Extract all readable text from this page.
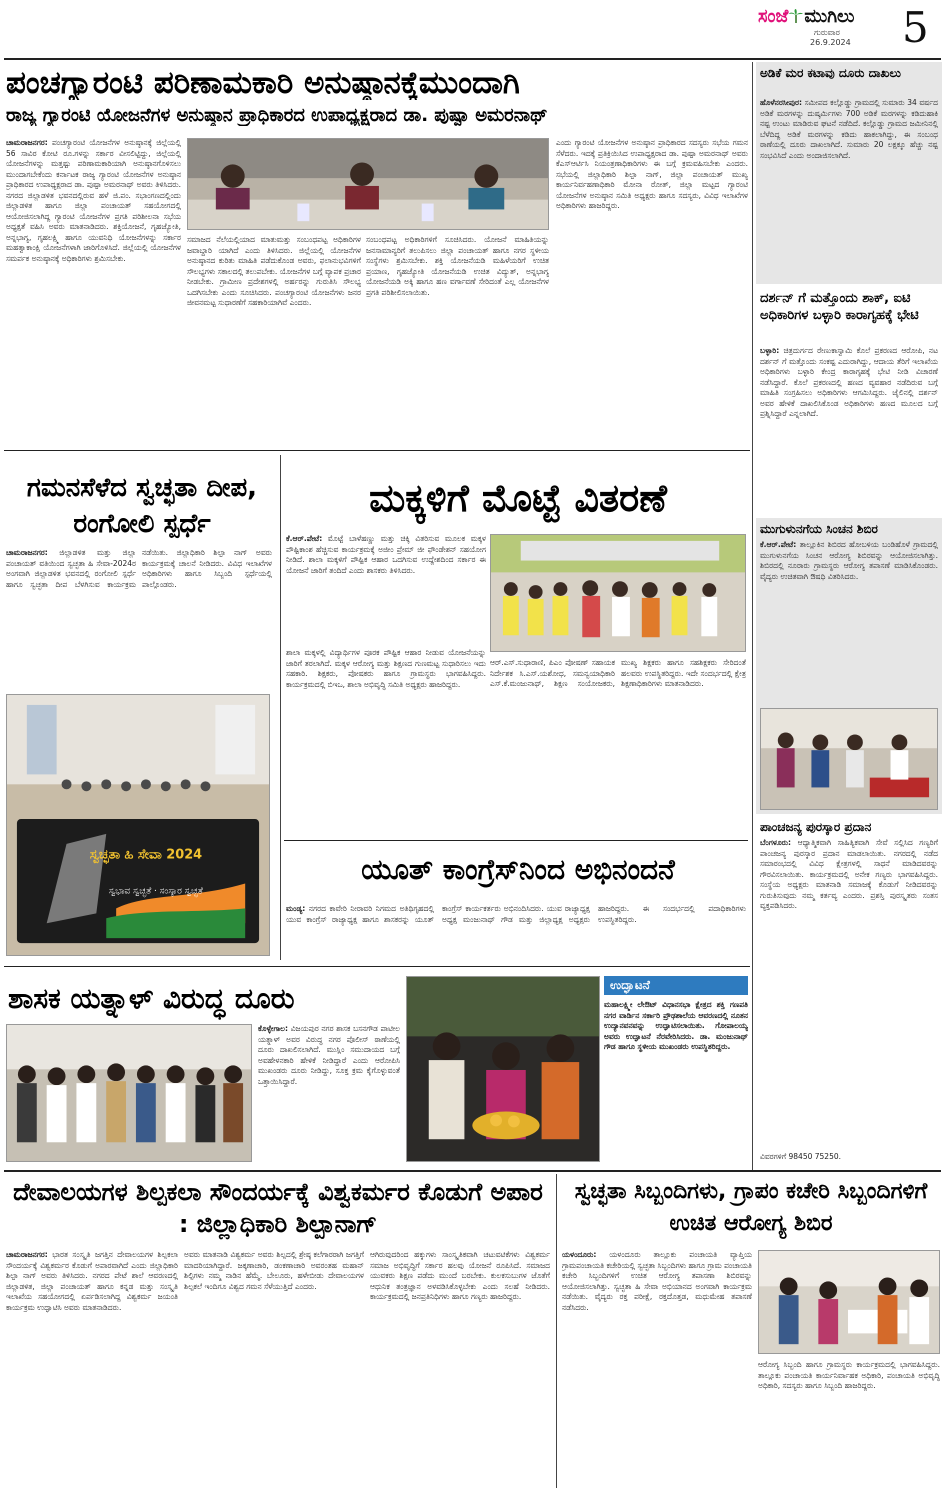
ಸಂಜೆ ಮುಗಿಲು
ಗುರುವಾರ
26.9.2024 5
ಪಂಚಗ್ಯಾರಂಟಿ ಪರಿಣಾಮಕಾರಿ ಅನುಷ್ಠಾನಕ್ಕೆಮುಂದಾಗಿ
ರಾಜ್ಯ ಗ್ಯಾರಂಟಿ ಯೋಜನೆಗಳ ಅನುಷ್ಠಾನ ಪ್ರಾಧಿಕಾರದ ಉಪಾಧ್ಯಕ್ಷರಾದ ಡಾ. ಪುಷ್ಪಾ ಅಮರನಾಥ್
ಚಾಮರಾಜನಗರ: ಪಂಚಗ್ಯಾರಂಟಿ ಯೋಜನೆಗಳ ಅನುಷ್ಠಾನಕ್ಕೆ ಜಿಲ್ಲೆಯಲ್ಲಿ 56 ಸಾವಿರ ಕೋಟಿ ರೂ.ಗಳನ್ನು ಸರ್ಕಾರ ವೀಸಲಿಟ್ಟಿದ್ದು, ಜಿಲ್ಲೆಯಲ್ಲಿ ಯೋಜನೆಗಳನ್ನು ಮತ್ತಷ್ಟು ಪರಿಣಾಮಕಾರಿಯಾಗಿ ಅನುಷ್ಠಾನಗೊಳಿಸಲು ಮುಂದಾಗಬೇಕೆಂದು ಕರ್ನಾಟಕ ರಾಜ್ಯ ಗ್ಯಾರಂಟಿ ಯೋಜನೆಗಳ ಅನುಷ್ಠಾನ ಪ್ರಾಧಿಕಾರದ ಉಪಾಧ್ಯಕ್ಷರಾದ ಡಾ. ಪುಷ್ಪಾ ಅಮರನಾಥ್ ಅವರು ತಿಳಿಸಿದರು. ನಗರದ ಜಿಲ್ಲಾಡಳಿತ ಭವನದಲ್ಲಿರುವ ಹಳೆ ಜಿ.ಪಂ. ಸಭಾಂಗಣದಲ್ಲಿಂದು ಜಿಲ್ಲಾಡಳಿತ ಹಾಗೂ ಜಿಲ್ಲಾ ಪಂಚಾಯತ್ ಸಹಯೋಗದಲ್ಲಿ ಆಯೋಜಿಸಲಾಗಿದ್ದ ಗ್ಯಾರಂಟಿ ಯೋಜನೆಗಳ ಪ್ರಗತಿ ಪರಿಶೀಲನಾ ಸಭೆಯ ಅಧ್ಯಕ್ಷತೆ ವಹಿಸಿ ಅವರು ಮಾತನಾಡಿದರು. ಶಕ್ತಿಯೋಜನೆ, ಗೃಹಜ್ಯೋತಿ, ಅನ್ನಭಾಗ್ಯ, ಗೃಹಲಕ್ಷ್ಮಿ ಹಾಗೂ ಯುವನಿಧಿ ಯೋಜನೆಗಳನ್ನು ಸರ್ಕಾರ ಮಹತ್ವಾಕಾಂಕ್ಷಿ ಯೋಜನೆಗಳಾಗಿ ಜಾರಿಗೊಳಿಸಿದೆ. ಜಿಲ್ಲೆಯಲ್ಲಿ ಯೋಜನೆಗಳ ಸಮರ್ಪಕ ಅನುಷ್ಠಾನಕ್ಕೆ ಅಧಿಕಾರಿಗಳು ಶ್ರಮಿಸಬೇಕು.
ಸಮಾಜದ ನೆಲೆಯಲ್ಲಿಯಾದ ಮಾತುಮತ್ತು ಸಂಬಂಧಪಟ್ಟ ಅಧಿಕಾರಿಗಳ ಜವಾಬ್ದಾರಿ ಯಾಗಿದೆ ಎಂದು ತಿಳಿಸಿದರು. ಜಿಲ್ಲೆಯಲ್ಲಿ ಯೋಜನೆಗಳ ಅನುಷ್ಠಾನದ ಕುರಿತು ಮಾಹಿತಿ ಪಡೆದುಕೊಂಡ ಅವರು, ಫಲಾನುಭವಿಗಳಿಗೆ ಸೌಲಭ್ಯಗಳು ಸಕಾಲದಲ್ಲಿ ತಲುಪಬೇಕು. ಯೋಜನೆಗಳ ಬಗ್ಗೆ ವ್ಯಾಪಕ ಪ್ರಚಾರ ನೀಡಬೇಕು. ಗ್ರಾಮೀಣ ಪ್ರದೇಶಗಳಲ್ಲಿ ಅರ್ಹರನ್ನು ಗುರುತಿಸಿ ಸೌಲಭ್ಯ ಒದಗಿಸಬೇಕು ಎಂದು ಸೂಚಿಸಿದರು. ಪಂಚಗ್ಯಾರಂಟಿ ಯೋಜನೆಗಳು ಜನರ ಜೀವನಮಟ್ಟ ಸುಧಾರಣೆಗೆ ಸಹಕಾರಿಯಾಗಿವೆ ಎಂದರು.
ಸಂಬಂಧಪಟ್ಟ ಅಧಿಕಾರಿಗಳಿಗೆ ಸೂಚಿಸಿದರು. ಯೋಜನೆ ಮಾಹಿತಿಯನ್ನು ಜನಸಾಮಾನ್ಯರಿಗೆ ತಲುಪಿಸಲು ಜಿಲ್ಲಾ ಪಂಚಾಯತ್ ಹಾಗೂ ನಗರ ಸ್ಥಳೀಯ ಸಂಸ್ಥೆಗಳು ಶ್ರಮಿಸಬೇಕು. ಶಕ್ತಿ ಯೋಜನೆಯಡಿ ಮಹಿಳೆಯರಿಗೆ ಉಚಿತ ಪ್ರಯಾಣ, ಗೃಹಜ್ಯೋತಿ ಯೋಜನೆಯಡಿ ಉಚಿತ ವಿದ್ಯುತ್, ಅನ್ನಭಾಗ್ಯ ಯೋಜನೆಯಡಿ ಅಕ್ಕಿ ಹಾಗೂ ಹಣ ವರ್ಗಾವಣೆ ಸೇರಿದಂತೆ ಎಲ್ಲ ಯೋಜನೆಗಳ ಪ್ರಗತಿ ಪರಿಶೀಲಿಸಲಾಯಿತು.
ಎಂದು ಗ್ಯಾರಂಟಿ ಯೋಜನೆಗಳ ಅನುಷ್ಠಾನ ಪ್ರಾಧಿಕಾರದ ಸದಸ್ಯರು ಸಭೆಯ ಗಮನ ಸೆಳೆದರು. ಇದಕ್ಕೆ ಪ್ರತಿಕ್ರಿಯಿಸಿದ ಉಪಾಧ್ಯಕ್ಷರಾದ ಡಾ. ಪುಷ್ಪಾ ಅಮರನಾಥ್ ಅವರು ಕೆಎಸ್ಆರ್ಟಿಸಿ ನಿಯಂತ್ರಣಾಧಿಕಾರಿಗಳು ಈ ಬಗ್ಗೆ ಕ್ರಮವಹಿಸಬೇಕು ಎಂದರು. ಸಭೆಯಲ್ಲಿ ಜಿಲ್ಲಾಧಿಕಾರಿ ಶಿಲ್ಪಾ ನಾಗ್, ಜಿಲ್ಲಾ ಪಂಚಾಯತ್ ಮುಖ್ಯ ಕಾರ್ಯನಿರ್ವಹಣಾಧಿಕಾರಿ ಮೋನಾ ರೋತ್, ಜಿಲ್ಲಾ ಮಟ್ಟದ ಗ್ಯಾರಂಟಿ ಯೋಜನೆಗಳ ಅನುಷ್ಠಾನ ಸಮಿತಿ ಅಧ್ಯಕ್ಷರು ಹಾಗೂ ಸದಸ್ಯರು, ವಿವಿಧ ಇಲಾಖೆಗಳ ಅಧಿಕಾರಿಗಳು ಹಾಜರಿದ್ದರು.
ಅಡಿಕೆ ಮರ ಕಟಾವು ದೂರು ದಾಖಲು
ಹೊಳೆನರಸೀಪುರ: ಸಮೀಪದ ಕಲ್ಲೊಡ್ಡು ಗ್ರಾಮದಲ್ಲಿ ಸುಮಾರು 34 ವರ್ಷದ ಅಡಿಕೆ ಮರಗಳನ್ನು ದುಷ್ಕರ್ಮಿಗಳು 700 ಅಡಿಕೆ ಮರಗಳನ್ನು ಕಡಿದುಹಾಕಿ ನಷ್ಟ ಉಂಟು ಮಾಡಿರುವ ಘಟನೆ ನಡೆದಿದೆ. ಕಲ್ಲೊಡ್ಡು ಗ್ರಾಮದ ಜಮೀನಿನಲ್ಲಿ ಬೆಳೆದಿದ್ದ ಅಡಿಕೆ ಮರಗಳನ್ನು ಕಡಿದು ಹಾಕಲಾಗಿದ್ದು, ಈ ಸಂಬಂಧ ಠಾಣೆಯಲ್ಲಿ ದೂರು ದಾಖಲಾಗಿದೆ. ಸುಮಾರು 20 ಲಕ್ಷಕ್ಕೂ ಹೆಚ್ಚು ನಷ್ಟ ಸಂಭವಿಸಿದೆ ಎಂದು ಅಂದಾಜಿಸಲಾಗಿದೆ.
ದರ್ಶನ್ ಗೆ ಮತ್ತೊಂದು ಶಾಕ್, ಐಟಿ ಅಧಿಕಾರಿಗಳ ಬಳ್ಳಾರಿ ಕಾರಾಗೃಹಕ್ಕೆ ಭೇಟಿ
ಬಳ್ಳಾರಿ: ಚಿತ್ರದುರ್ಗದ ರೇಣುಕಾಸ್ವಾಮಿ ಕೊಲೆ ಪ್ರಕರಣದ ಆರೋಪಿ, ನಟ ದರ್ಶನ್ ಗೆ ಮತ್ತೊಂದು ಸಂಕಷ್ಟ ಎದುರಾಗಿದ್ದು, ಆದಾಯ ತೆರಿಗೆ ಇಲಾಖೆಯ ಅಧಿಕಾರಿಗಳು ಬಳ್ಳಾರಿ ಕೇಂದ್ರ ಕಾರಾಗೃಹಕ್ಕೆ ಭೇಟಿ ನೀಡಿ ವಿಚಾರಣೆ ನಡೆಸಿದ್ದಾರೆ. ಕೊಲೆ ಪ್ರಕರಣದಲ್ಲಿ ಹಣದ ವ್ಯವಹಾರ ನಡೆದಿರುವ ಬಗ್ಗೆ ಮಾಹಿತಿ ಸಂಗ್ರಹಿಸಲು ಅಧಿಕಾರಿಗಳು ಆಗಮಿಸಿದ್ದರು. ಜೈಲಿನಲ್ಲಿ ದರ್ಶನ್ ಅವರ ಹೇಳಿಕೆ ದಾಖಲಿಸಿಕೊಂಡ ಅಧಿಕಾರಿಗಳು ಹಣದ ಮೂಲದ ಬಗ್ಗೆ ಪ್ರಶ್ನಿಸಿದ್ದಾರೆ ಎನ್ನಲಾಗಿದೆ.
ಮುಗುಳುನಗೆಯ ಸಿಂಚನ ಶಿಬಿರ
ಕೆ.ಆರ್.ಪೇಟೆ: ತಾಲ್ಲೂಕಿನ ಶಿಬಿರದ ಹೋಬಳಿಯ ಬಂಡಿಹೊಳೆ ಗ್ರಾಮದಲ್ಲಿ ಮುಗುಳುನಗೆಯ ಸಿಂಚನ ಆರೋಗ್ಯ ಶಿಬಿರವನ್ನು ಆಯೋಜಿಸಲಾಗಿತ್ತು. ಶಿಬಿರದಲ್ಲಿ ನೂರಾರು ಗ್ರಾಮಸ್ಥರು ಆರೋಗ್ಯ ತಪಾಸಣೆ ಮಾಡಿಸಿಕೊಂಡರು. ವೈದ್ಯರು ಉಚಿತವಾಗಿ ಔಷಧಿ ವಿತರಿಸಿದರು.
ಪಾಂಚಜನ್ಯ ಪುರಸ್ಕಾರ ಪ್ರದಾನ
ಬೆಂಗಳೂರು: ಆಧ್ಯಾತ್ಮಿಕವಾಗಿ ಸಾಹಿತ್ಯಿಕವಾಗಿ ಸೇವೆ ಸಲ್ಲಿಸಿದ ಗಣ್ಯರಿಗೆ ಪಾಂಚಜನ್ಯ ಪುರಸ್ಕಾರ ಪ್ರದಾನ ಮಾಡಲಾಯಿತು. ನಗರದಲ್ಲಿ ನಡೆದ ಸಮಾರಂಭದಲ್ಲಿ ವಿವಿಧ ಕ್ಷೇತ್ರಗಳಲ್ಲಿ ಸಾಧನೆ ಮಾಡಿದವರನ್ನು ಗೌರವಿಸಲಾಯಿತು. ಕಾರ್ಯಕ್ರಮದಲ್ಲಿ ಅನೇಕ ಗಣ್ಯರು ಭಾಗವಹಿಸಿದ್ದರು. ಸಂಸ್ಥೆಯ ಅಧ್ಯಕ್ಷರು ಮಾತನಾಡಿ ಸಮಾಜಕ್ಕೆ ಕೊಡುಗೆ ನೀಡಿದವರನ್ನು ಗುರುತಿಸುವುದು ನಮ್ಮ ಕರ್ತವ್ಯ ಎಂದರು. ಪ್ರಶಸ್ತಿ ಪುರಸ್ಕೃತರು ಸಂತಸ ವ್ಯಕ್ತಪಡಿಸಿದರು.
ವಿವರಗಳಿಗೆ 98450 75250.
ಗಮನಸೆಳೆದ ಸ್ವಚ್ಛತಾ ದೀಪ, ರಂಗೋಲಿ ಸ್ಪರ್ಧೆ
ಚಾಮರಾಜನಗರ: ಜಿಲ್ಲಾಡಳಿತ ಮತ್ತು ಜಿಲ್ಲಾ ಪಂಚಾಯತ್ ವತಿಯಿಂದ ಸ್ವಚ್ಛತಾ ಹಿ ಸೇವಾ-2024ರ ಅಂಗವಾಗಿ ಜಿಲ್ಲಾಡಳಿತ ಭವನದಲ್ಲಿ ರಂಗೋಲಿ ಸ್ಪರ್ಧೆ ಹಾಗೂ ಸ್ವಚ್ಛತಾ ದೀಪ ಬೆಳಗಿಸುವ ಕಾರ್ಯಕ್ರಮ ನಡೆಯಿತು. ಜಿಲ್ಲಾಧಿಕಾರಿ ಶಿಲ್ಪಾ ನಾಗ್ ಅವರು ಕಾರ್ಯಕ್ರಮಕ್ಕೆ ಚಾಲನೆ ನೀಡಿದರು. ವಿವಿಧ ಇಲಾಖೆಗಳ ಅಧಿಕಾರಿಗಳು ಹಾಗೂ ಸಿಬ್ಬಂದಿ ಸ್ಪರ್ಧೆಯಲ್ಲಿ ಪಾಲ್ಗೊಂಡರು.
ಸ್ವಚ್ಛತಾ ಹಿ ಸೇವಾ 2024
ಸ್ವಭಾವ ಸ್ವಚ್ಛತೆ · ಸಂಸ್ಕಾರ ಸ್ವಚ್ಛತೆ
ಮಕ್ಕಳಿಗೆ ಮೊಟ್ಟೆ ವಿತರಣೆ
ಕೆ.ಆರ್.ಪೇಟೆ: ಮೊಟ್ಟೆ ಬಾಳೆಹಣ್ಣು ಮತ್ತು ಚಿಕ್ಕಿ ವಿತರಿಸುವ ಮೂಲಕ ಮಕ್ಕಳ ಪೌಷ್ಟಿಕಾಂಶ ಹೆಚ್ಚಿಸುವ ಕಾರ್ಯಕ್ರಮಕ್ಕೆ ಅಜೀಂ ಪ್ರೇಮ್ ಜೀ ಫೌಂಡೇಶನ್ ಸಹಯೋಗ ನೀಡಿದೆ. ಶಾಲಾ ಮಕ್ಕಳಿಗೆ ಪೌಷ್ಟಿಕ ಆಹಾರ ಒದಗಿಸುವ ಉದ್ದೇಶದಿಂದ ಸರ್ಕಾರ ಈ ಯೋಜನೆ ಜಾರಿಗೆ ತಂದಿದೆ ಎಂದು ಶಾಸಕರು ತಿಳಿಸಿದರು.
ಶಾಲಾ ಮಕ್ಕಳಲ್ಲಿ ವಿದ್ಯಾರ್ಥಿಗಳ ಪೂರಕ ಪೌಷ್ಟಿಕ ಆಹಾರ ನೀಡುವ ಯೋಜನೆಯನ್ನು ಜಾರಿಗೆ ತರಲಾಗಿದೆ. ಮಕ್ಕಳ ಆರೋಗ್ಯ ಮತ್ತು ಶಿಕ್ಷಣದ ಗುಣಮಟ್ಟ ಸುಧಾರಿಸಲು ಇದು ಸಹಕಾರಿ. ಶಿಕ್ಷಕರು, ಪೋಷಕರು ಹಾಗೂ ಗ್ರಾಮಸ್ಥರು ಭಾಗವಹಿಸಿದ್ದರು. ಕಾರ್ಯಕ್ರಮದಲ್ಲಿ ಬಿಇಒ, ಶಾಲಾ ಅಭಿವೃದ್ಧಿ ಸಮಿತಿ ಅಧ್ಯಕ್ಷರು ಹಾಜರಿದ್ದರು.
ಆರ್.ಎಸ್.ಸುಧಾರಾಣಿ, ಪಿಎಂ ಪೋಷಣ್ ಸಹಾಯಕ ನಿರ್ದೇಶಕ ಸಿ.ಎಸ್.ಯಶೋಧ, ಸಮನ್ವಯಾಧಿಕಾರಿ ಎಸ್.ಕೆ.ಮಂಜುನಾಥ್, ಶಿಕ್ಷಣ ಸಂಯೋಜಕರು, ಮುಖ್ಯ ಶಿಕ್ಷಕರು ಹಾಗೂ ಸಹಶಿಕ್ಷಕರು ಸೇರಿದಂತೆ ಹಲವರು ಉಪಸ್ಥಿತರಿದ್ದರು. ಇದೇ ಸಂದರ್ಭದಲ್ಲಿ ಕ್ಷೇತ್ರ ಶಿಕ್ಷಣಾಧಿಕಾರಿಗಳು ಮಾತನಾಡಿದರು.
ಯೂತ್ ಕಾಂಗ್ರೆಸ್‌ನಿಂದ ಅಭಿನಂದನೆ
ಮಂಡ್ಯ: ನಗರದ ಕಾವೇರಿ ನೀರಾವರಿ ನಿಗಮದ ಅತಿಥಿಗೃಹದಲ್ಲಿ ಯುವ ಕಾಂಗ್ರೆಸ್ ರಾಜ್ಯಾಧ್ಯಕ್ಷ ಹಾಗೂ ಶಾಸಕರನ್ನು ಯೂತ್ ಕಾಂಗ್ರೆಸ್ ಕಾರ್ಯಕರ್ತರು ಅಭಿನಂದಿಸಿದರು. ಯುವ ರಾಜ್ಯಾಧ್ಯಕ್ಷ ಅಧ್ಯಕ್ಷ ಮಂಜುನಾಥ್ ಗೌಡ ಮತ್ತು ಜಿಲ್ಲಾಧ್ಯಕ್ಷ ಅಧ್ಯಕ್ಷರು ಹಾಜರಿದ್ದರು. ಈ ಸಂದರ್ಭದಲ್ಲಿ ಪದಾಧಿಕಾರಿಗಳು ಉಪಸ್ಥಿತರಿದ್ದರು.
ಶಾಸಕ ಯತ್ನಾಳ್ ವಿರುದ್ಧ ದೂರು
ಕೊಳ್ಳೇಗಾಲ: ವಿಜಯಪುರ ನಗರ ಶಾಸಕ ಬಸನಗೌಡ ಪಾಟೀಲ ಯತ್ನಾಳ್ ಅವರ ವಿರುದ್ಧ ನಗರ ಪೊಲೀಸ್ ಠಾಣೆಯಲ್ಲಿ ದೂರು ದಾಖಲಿಸಲಾಗಿದೆ. ಮುಸ್ಲಿಂ ಸಮುದಾಯದ ಬಗ್ಗೆ ಅವಹೇಳನಕಾರಿ ಹೇಳಿಕೆ ನೀಡಿದ್ದಾರೆ ಎಂದು ಆರೋಪಿಸಿ ಮುಖಂಡರು ದೂರು ನೀಡಿದ್ದು, ಸೂಕ್ತ ಕ್ರಮ ಕೈಗೊಳ್ಳುವಂತೆ ಒತ್ತಾಯಿಸಿದ್ದಾರೆ.
ಉದ್ಘಾಟನೆ
ಮಹಾಲಕ್ಷ್ಮೀ ಲೇಔಟ್ ವಿಧಾನಸಭಾ ಕ್ಷೇತ್ರದ ಶಕ್ತಿ ಗಣಪತಿ ನಗರ ವಾರ್ಡಿನ ಸರ್ಕಾರಿ ಪ್ರೌಢಶಾಲೆಯ ಆವರಣದಲ್ಲಿ ನೂತನ ಉದ್ಯಾನವನವನ್ನು ಉದ್ಘಾಟಿಸಲಾಯಿತು. ಗೋಪಾಲಯ್ಯ ಅವರು ಉದ್ಘಾಟನೆ ನೆರವೇರಿಸಿದರು. ಡಾ. ಮಂಜುನಾಥ್ ಗೌಡ ಹಾಗೂ ಸ್ಥಳೀಯ ಮುಖಂಡರು ಉಪಸ್ಥಿತರಿದ್ದರು.
ದೇವಾಲಯಗಳ ಶಿಲ್ಪಕಲಾ ಸೌಂದರ್ಯಕ್ಕೆ ವಿಶ್ವಕರ್ಮರ ಕೊಡುಗೆ ಅಪಾರ : ಜಿಲ್ಲಾಧಿಕಾರಿ ಶಿಲ್ಪಾನಾಗ್
ಚಾಮರಾಜನಗರ: ಭಾರತ ಸಂಸ್ಕೃತಿ ಜಗತ್ತಿನ ದೇವಾಲಯಗಳ ಶಿಲ್ಪಕಲಾ ಸೌಂದರ್ಯಕ್ಕೆ ವಿಶ್ವಕರ್ಮರ ಕೊಡುಗೆ ಅಪಾರವಾಗಿದೆ ಎಂದು ಜಿಲ್ಲಾಧಿಕಾರಿ ಶಿಲ್ಪಾ ನಾಗ್ ಅವರು ತಿಳಿಸಿದರು. ನಗರದ ಪೇಟೆ ಶಾಲೆ ಆವರಣದಲ್ಲಿ ಜಿಲ್ಲಾಡಳಿತ, ಜಿಲ್ಲಾ ಪಂಚಾಯತ್ ಹಾಗೂ ಕನ್ನಡ ಮತ್ತು ಸಂಸ್ಕೃತಿ ಇಲಾಖೆಯ ಸಹಯೋಗದಲ್ಲಿ ಏರ್ಪಡಿಸಲಾಗಿದ್ದ ವಿಶ್ವಕರ್ಮ ಜಯಂತಿ ಕಾರ್ಯಕ್ರಮ ಉದ್ಘಾಟಿಸಿ ಅವರು ಮಾತನಾಡಿದರು.
ಅವರು ಮಾತನಾಡಿ ವಿಶ್ವಕರ್ಮ ಅವರು ಶಿಲ್ಪದಲ್ಲಿ ಶ್ರೇಷ್ಠ ಕಲೆಗಾರರಾಗಿ ಜಗತ್ತಿಗೆ ಮಾದರಿಯಾಗಿದ್ದಾರೆ. ಜಕ್ಕಣಾಚಾರಿ, ಡಂಕಣಾಚಾರಿ ಅವರಂತಹ ಮಹಾನ್ ಶಿಲ್ಪಿಗಳು ನಮ್ಮ ನಾಡಿನ ಹೆಮ್ಮೆ. ಬೇಲೂರು, ಹಳೇಬೀಡು ದೇವಾಲಯಗಳ ಶಿಲ್ಪಕಲೆ ಇಂದಿಗೂ ವಿಶ್ವದ ಗಮನ ಸೆಳೆಯುತ್ತಿದೆ ಎಂದರು.
ಆಗಿರುವುದರಿಂದ ಹಕ್ಕುಗಳು ಸಾಂಸ್ಕೃತಿಕವಾಗಿ ಚಟುವಟಿಕೆಗಳು ವಿಶ್ವಕರ್ಮ ಸಮಾಜ ಅಭಿವೃದ್ಧಿಗೆ ಸರ್ಕಾರ ಹಲವು ಯೋಜನೆ ರೂಪಿಸಿದೆ. ಸಮಾಜದ ಯುವಕರು ಶಿಕ್ಷಣ ಪಡೆದು ಮುಂದೆ ಬರಬೇಕು. ಕುಲಕಸುಬುಗಳ ಜೊತೆಗೆ ಆಧುನಿಕ ತಂತ್ರಜ್ಞಾನ ಅಳವಡಿಸಿಕೊಳ್ಳಬೇಕು ಎಂದು ಸಲಹೆ ನೀಡಿದರು. ಕಾರ್ಯಕ್ರಮದಲ್ಲಿ ಜನಪ್ರತಿನಿಧಿಗಳು ಹಾಗೂ ಗಣ್ಯರು ಹಾಜರಿದ್ದರು.
ಸ್ವಚ್ಛತಾ ಸಿಬ್ಬಂದಿಗಳು, ಗ್ರಾಪಂ ಕಚೇರಿ ಸಿಬ್ಬಂದಿಗಳಿಗೆ ಉಚಿತ ಆರೋಗ್ಯ ಶಿಬಿರ
ಯಳಂದೂರು: ಯಳಂದೂರು ತಾಲ್ಲೂಕು ಪಂಚಾಯತಿ ವ್ಯಾಪ್ತಿಯ ಗ್ರಾಮಪಂಚಾಯತಿ ಕಚೇರಿಯಲ್ಲಿ ಸ್ವಚ್ಛತಾ ಸಿಬ್ಬಂದಿಗಳು ಹಾಗೂ ಗ್ರಾಮ ಪಂಚಾಯತಿ ಕಚೇರಿ ಸಿಬ್ಬಂದಿಗಳಿಗೆ ಉಚಿತ ಆರೋಗ್ಯ ತಪಾಸಣಾ ಶಿಬಿರವನ್ನು ಆಯೋಜಿಸಲಾಗಿತ್ತು. ಸ್ವಚ್ಛತಾ ಹಿ ಸೇವಾ ಅಭಿಯಾನದ ಅಂಗವಾಗಿ ಕಾರ್ಯಕ್ರಮ ನಡೆಯಿತು. ವೈದ್ಯರು ರಕ್ತ ಪರೀಕ್ಷೆ, ರಕ್ತದೊತ್ತಡ, ಮಧುಮೇಹ ತಪಾಸಣೆ ನಡೆಸಿದರು.
ಆರೋಗ್ಯ ಸಿಬ್ಬಂದಿ ಹಾಗೂ ಗ್ರಾಮಸ್ಥರು ಕಾರ್ಯಕ್ರಮದಲ್ಲಿ ಭಾಗವಹಿಸಿದ್ದರು. ತಾಲ್ಲೂಕು ಪಂಚಾಯತಿ ಕಾರ್ಯನಿರ್ವಾಹಕ ಅಧಿಕಾರಿ, ಪಂಚಾಯತಿ ಅಭಿವೃದ್ಧಿ ಅಧಿಕಾರಿ, ಸದಸ್ಯರು ಹಾಗೂ ಸಿಬ್ಬಂದಿ ಹಾಜರಿದ್ದರು.
